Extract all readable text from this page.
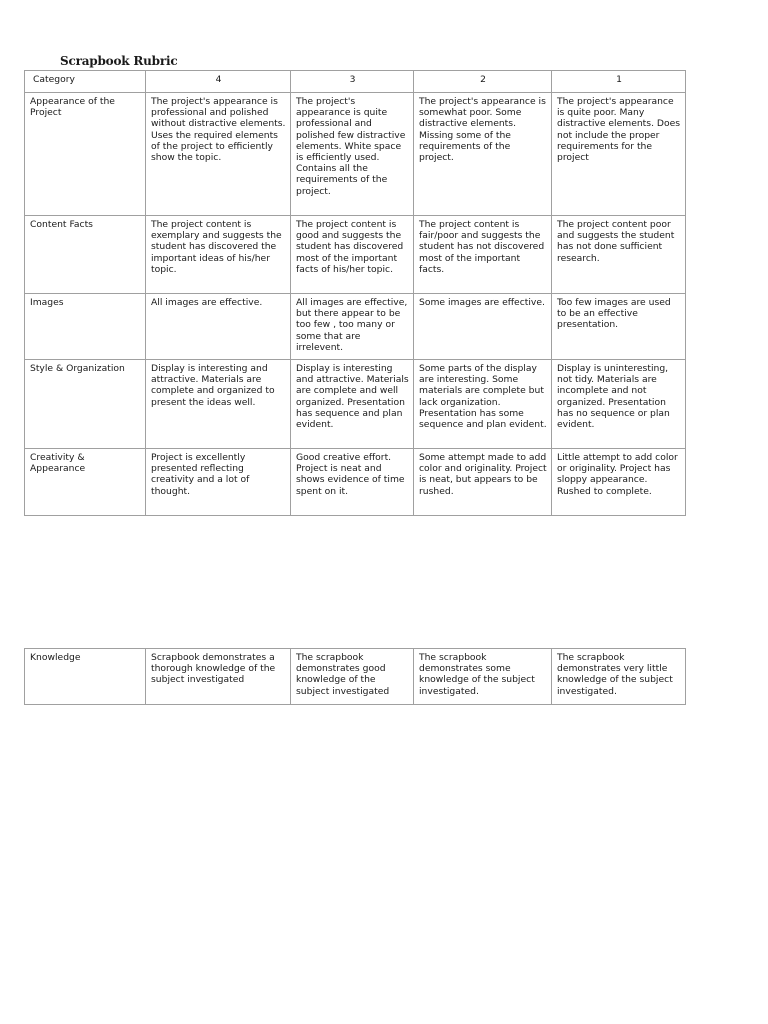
Scrapbook Rubric
Category	4	3	2	1
Appearance of the Project	The project's appearance is professional and polished without distractive elements. Uses the required elements of the project to efficiently show the topic.	The project's appearance is quite professional and polished few distractive elements. White space is efficiently used. Contains all the requirements of the project.	The project's appearance is somewhat poor. Some distractive elements. Missing some of the requirements of the project.	The project's appearance is quite poor. Many distractive elements. Does not include the proper requirements for the project
Content Facts	The project content is exemplary and suggests the student has discovered the important ideas of his/her topic.	The project content is good and suggests the student has discovered most of the important facts of his/her topic.	The project content is fair/poor and suggests the student has not discovered most of the important facts.	The project content poor and suggests the student has not done sufficient research.
Images	All images are effective.	All images are effective, but there appear to be too few , too many or some that are irrelevent.	Some images are effective.	Too few images are used to be an effective presentation.
Style & Organization	Display is interesting and attractive. Materials are complete and organized to present the ideas well.	Display is interesting and attractive. Materials are complete and well organized. Presentation has sequence and plan evident.	Some parts of the display are interesting. Some materials are complete but lack organization. Presentation has some sequence and plan evident.	Display is uninteresting, not tidy. Materials are incomplete and not organized. Presentation has no sequence or plan evident.
Creativity & Appearance	Project is excellently presented reflecting creativity and a lot of thought.	Good creative effort. Project is neat and shows evidence of time spent on it.	Some attempt made to add color and originality. Project is neat, but appears to be rushed.	Little attempt to add color or originality. Project has sloppy appearance. Rushed to complete.
Knowledge	Scrapbook demonstrates a thorough knowledge of the subject investigated	The scrapbook demonstrates good knowledge of the subject investigated	The scrapbook demonstrates some knowledge of the subject investigated.	The scrapbook demonstrates very little knowledge of the subject investigated.
